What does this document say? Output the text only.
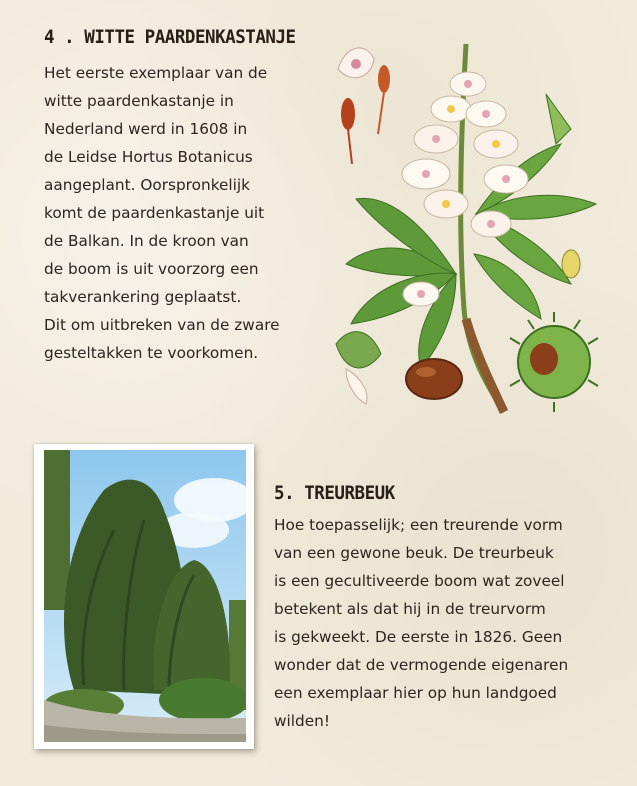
4 . WITTE PAARDENKASTANJE
Het eerste exemplaar van de
witte paardenkastanje in
Nederland werd in 1608 in
de Leidse Hortus Botanicus
aangeplant. Oorspronkelijk
komt de paardenkastanje uit
de Balkan. In de kroon van
de boom is uit voorzorg een
takverankering geplaatst.
Dit om uitbreken van de zware
gesteltakken te voorkomen.
5. TREURBEUK
Hoe toepasselijk; een treurende vorm
van een gewone beuk. De treurbeuk
is een gecultiveerde boom wat zoveel
betekent als dat hij in de treurvorm
is gekweekt. De eerste in 1826. Geen
wonder dat de vermogende eigenaren
een exemplaar hier op hun landgoed
wilden!
